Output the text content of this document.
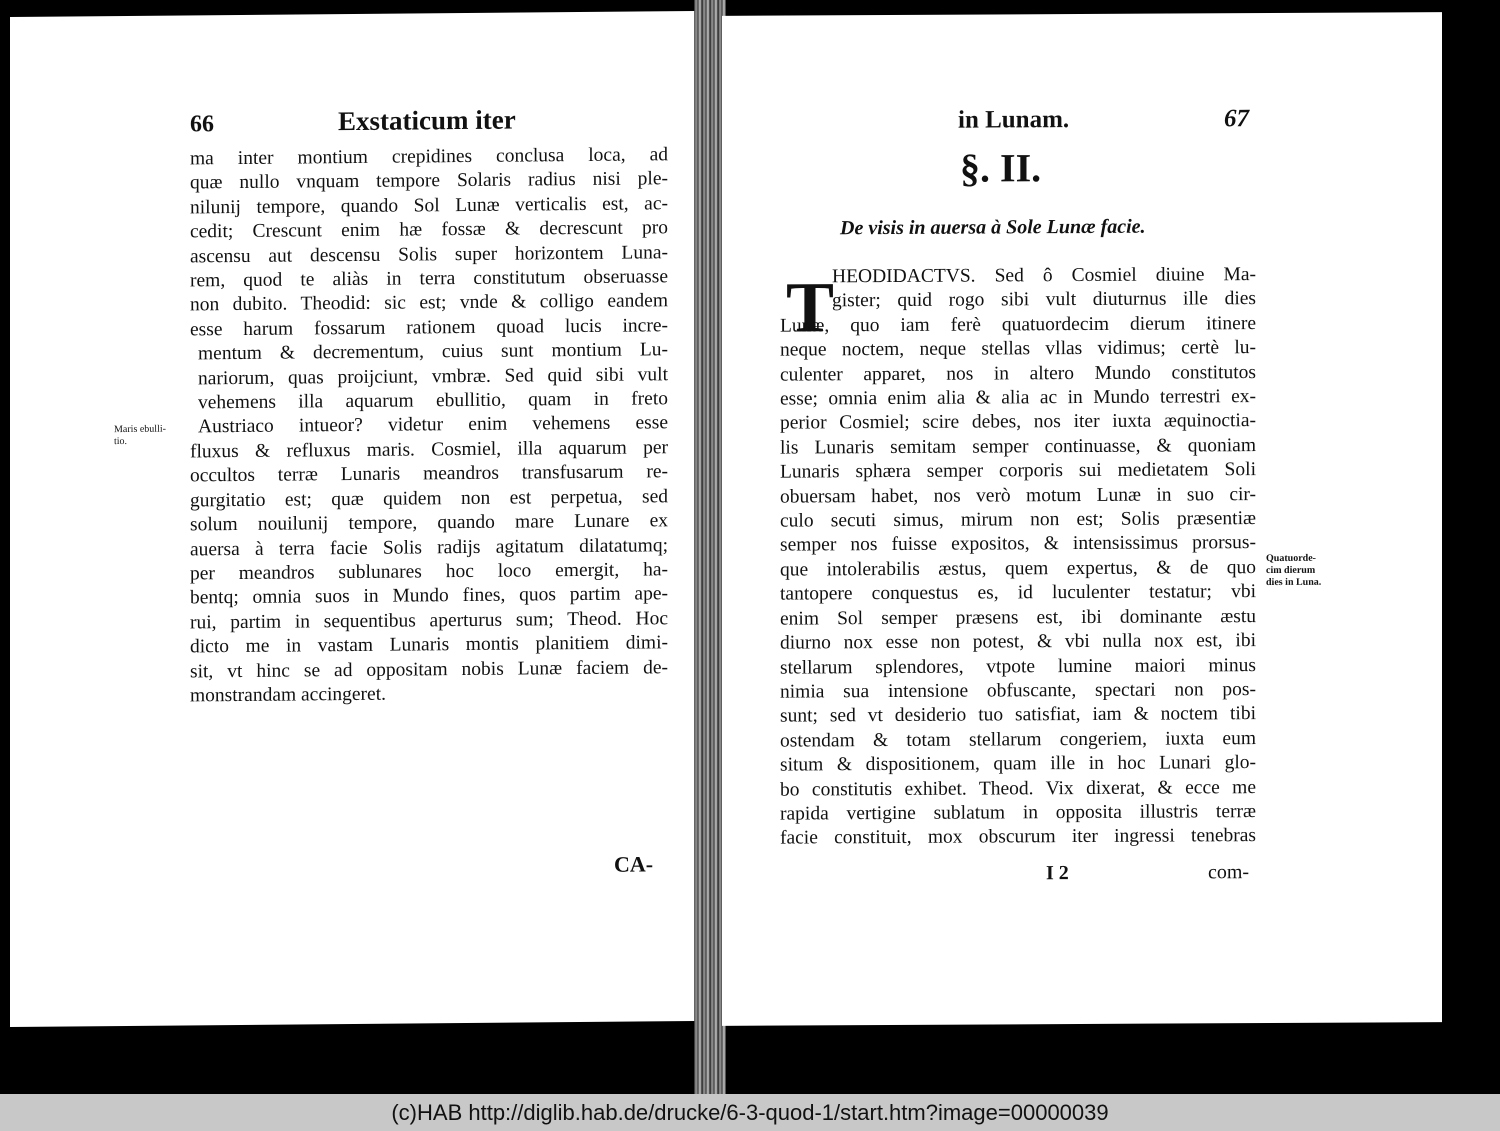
66	Exstaticum iter
Maris ebulli-
tio.
ma inter montium crepidines conclusa loca, ad
quæ nullo vnquam tempore Solaris radius nisi ple-
nilunij tempore, quando Sol Lunæ verticalis est, ac-
cedit; Crescunt enim hæ fossæ & decrescunt pro
ascensu aut descensu Solis super horizontem Luna-
rem, quod te aliàs in terra constitutum obseruasse
non dubito. Theodid: sic est; vnde & colligo eandem
esse harum fossarum rationem quoad lucis incre-
mentum & decrementum, cuius sunt montium Lu-
nariorum, quas proijciunt, vmbræ. Sed quid sibi vult
vehemens illa aquarum ebullitio, quam in freto
Austriaco intueor? videtur enim vehemens esse
fluxus & refluxus maris. Cosmiel, illa aquarum per
occultos terræ Lunaris meandros transfusarum re-
gurgitatio est; quæ quidem non est perpetua, sed
solum nouilunij tempore, quando mare Lunare ex
auersa à terra facie Solis radijs agitatum dilatatumq;
per meandros sublunares hoc loco emergit, ha-
bentq; omnia suos in Mundo fines, quos partim ape-
rui, partim in sequentibus aperturus sum; Theod. Hoc
dicto me in vastam Lunaris montis planitiem dimi-
sit, vt hinc se ad oppositam nobis Lunæ faciem de-
monstrandam accingeret.
CA-
in Lunam.	67
§. II.
De visis in auersa à Sole Lunæ facie.
T
HEODIDACTVS. Sed ô Cosmiel diuine Ma-
gister; quid rogo sibi vult diuturnus ille dies
Lunæ, quo iam ferè quatuordecim dierum itinere
neque noctem, neque stellas vllas vidimus; certè lu-
culenter apparet, nos in altero Mundo constitutos
esse; omnia enim alia & alia ac in Mundo terrestri ex-
perior Cosmiel; scire debes, nos iter iuxta æquinoctia-
lis Lunaris semitam semper continuasse, & quoniam
Lunaris sphæra semper corporis sui medietatem Soli
obuersam habet, nos verò motum Lunæ in suo cir-
culo secuti simus, mirum non est; Solis præsentiæ
semper nos fuisse expositos, & intensissimus prorsus-
que intolerabilis æstus, quem expertus, & de quo
tantopere conquestus es, id luculenter testatur; vbi
enim Sol semper præsens est, ibi dominante æstu
diurno nox esse non potest, & vbi nulla nox est, ibi
stellarum splendores, vtpote lumine maiori minus
nimia sua intensione obfuscante, spectari non pos-
sunt; sed vt desiderio tuo satisfiat, iam & noctem tibi
ostendam & totam stellarum congeriem, iuxta eum
situm & dispositionem, quam ille in hoc Lunari glo-
bo constitutis exhibet. Theod. Vix dixerat, & ecce me
rapida vertigine sublatum in opposita illustris terræ
facie constituit, mox obscurum iter ingressi tenebras
Quatuorde-
cim dierum
dies in Luna.
I 2	com-
(c)HAB http://diglib.hab.de/drucke/6-3-quod-1/start.htm?image=00000039
